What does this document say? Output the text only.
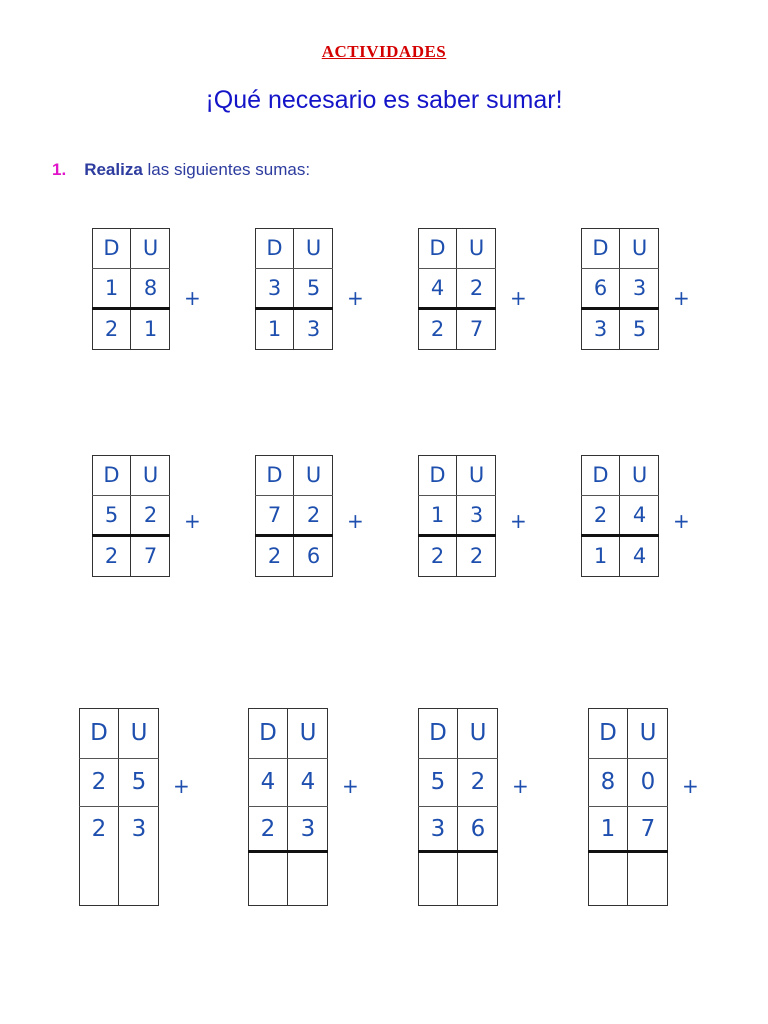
ACTIVIDADES
¡Qué necesario es saber sumar!
1. Realiza las siguientes sumas:
D	U
1	8
2	1
+
D	U
3	5
1	3
+
D	U
4	2
2	7
+
D	U
6	3
3	5
+
D	U
5	2
2	7
+
D	U
7	2
2	6
+
D	U
1	3
2	2
+
D	U
2	4
1	4
+
D U
2	5
2	3
+
D U
4	4
2	3
+
D U
5	2
3	6
+
D U
8	0
1	7
+
